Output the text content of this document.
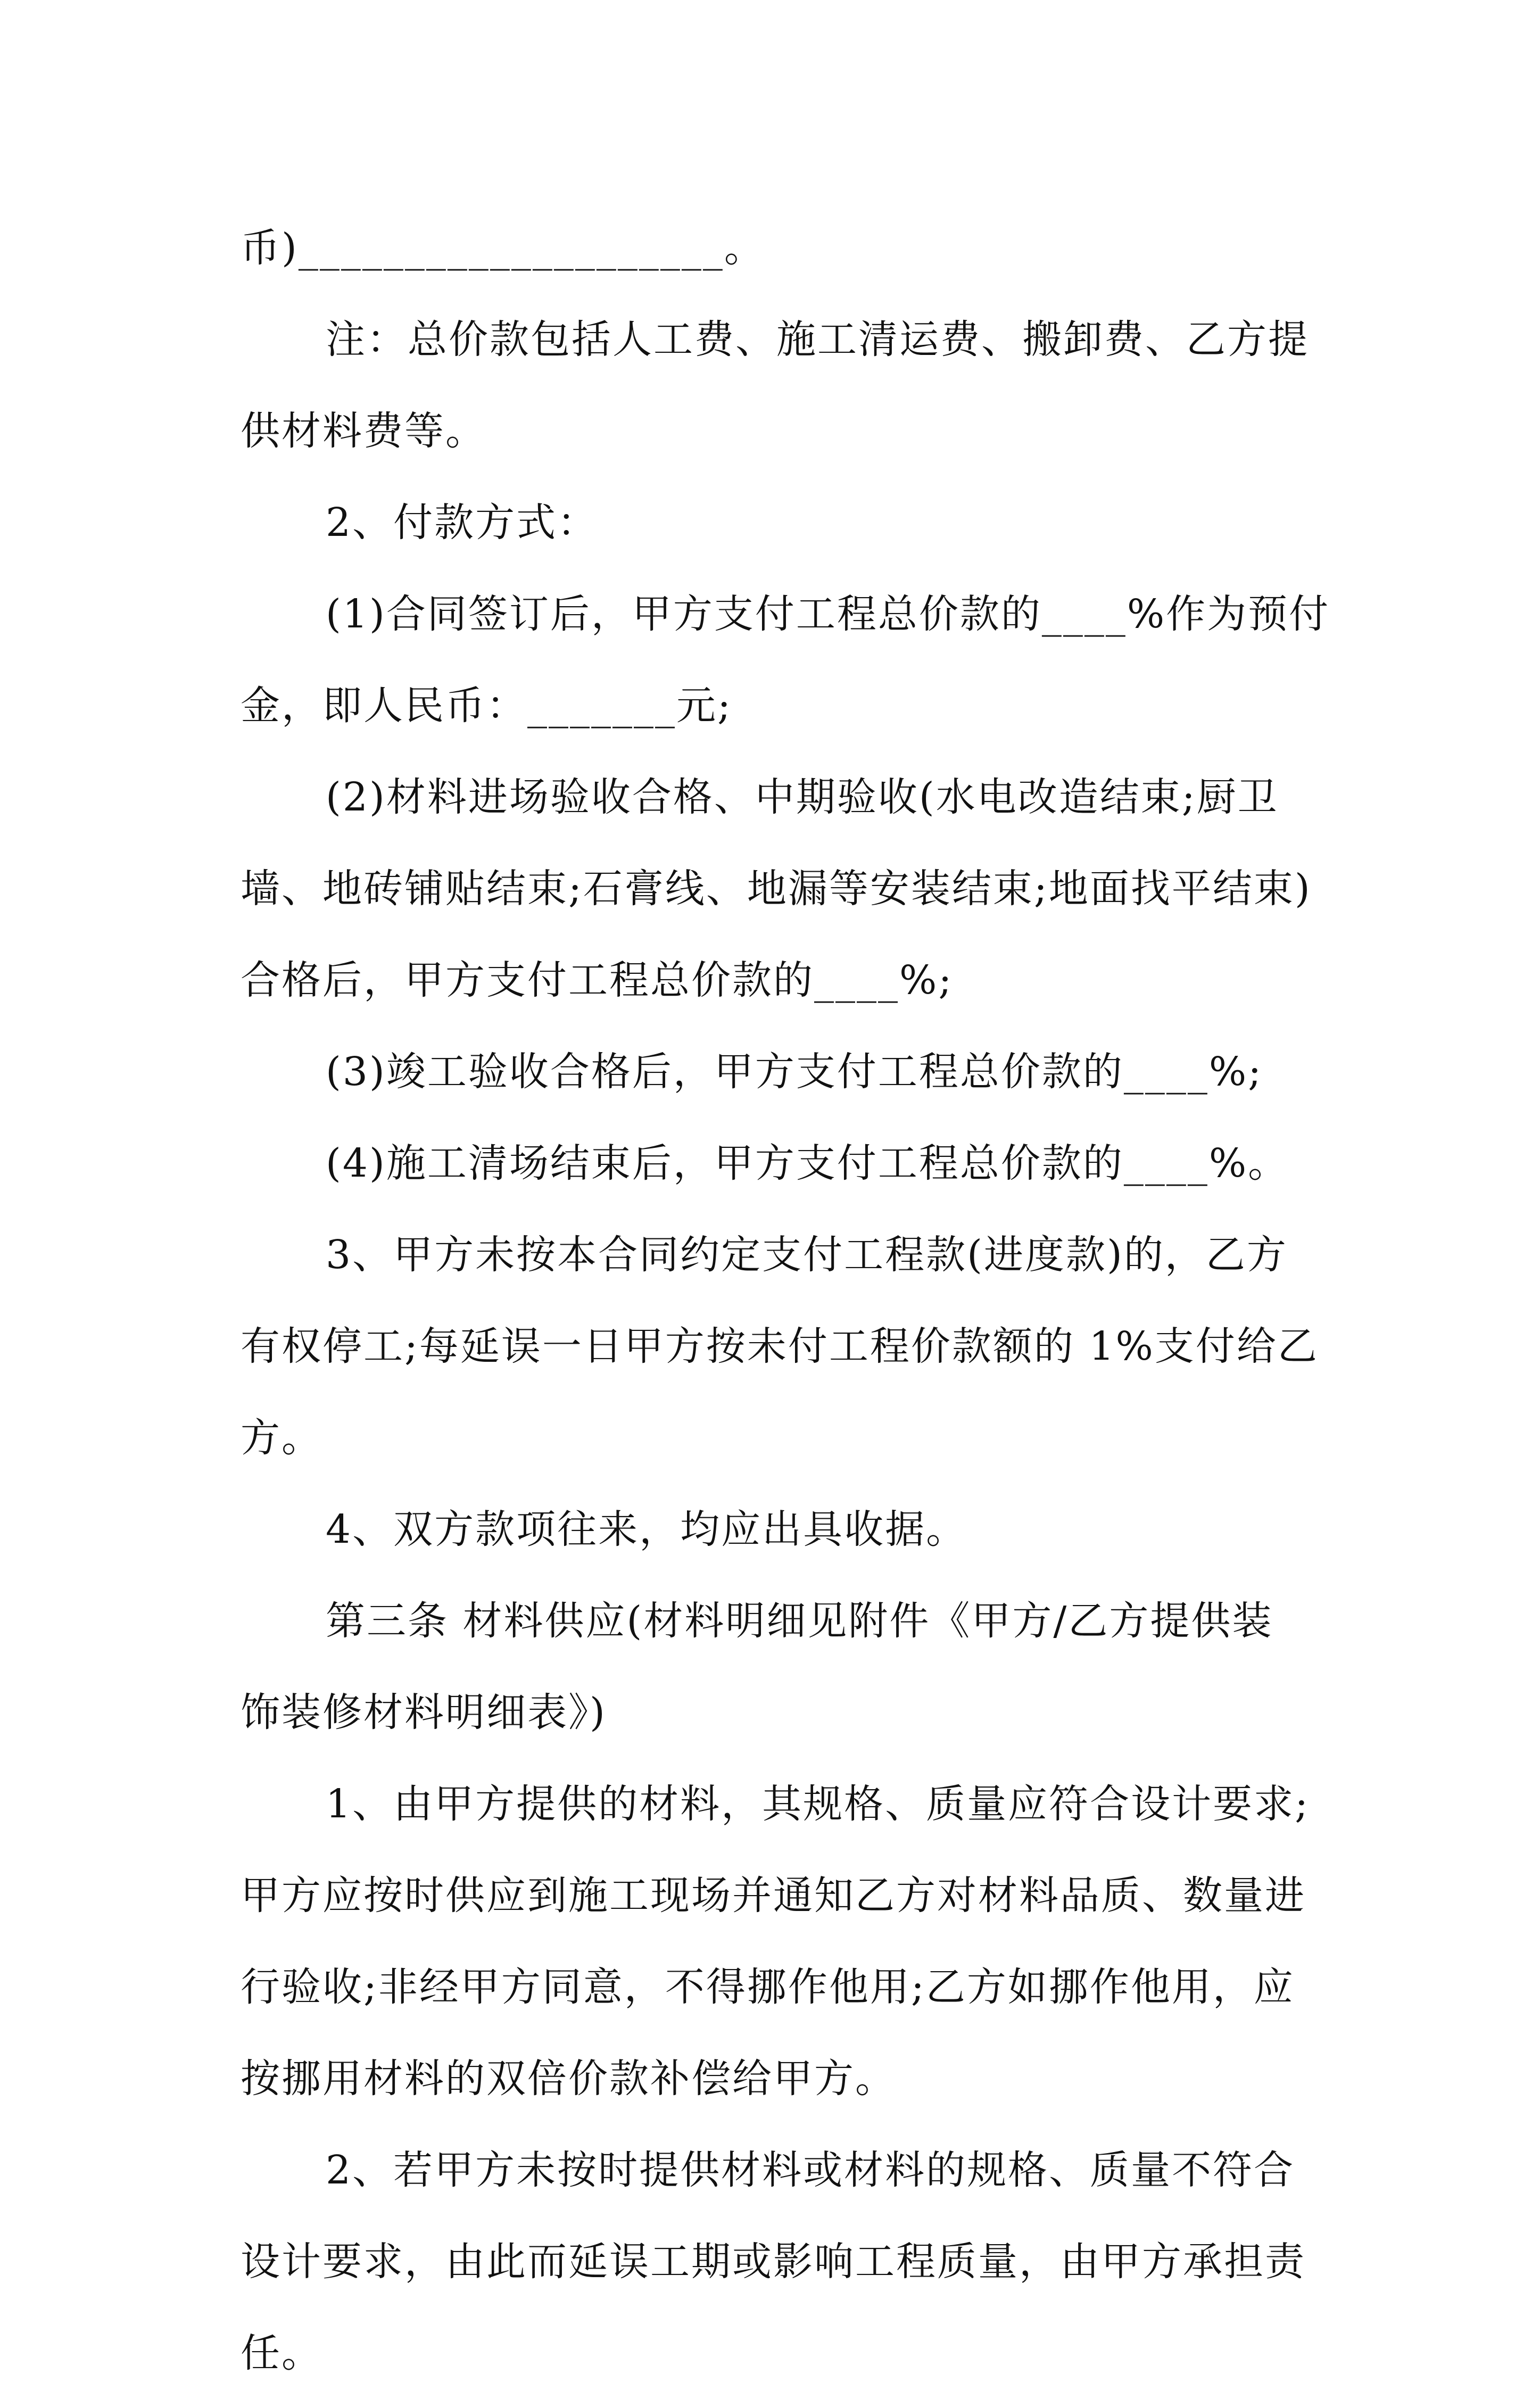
币)____________________。
注：总价款包括人工费、施工清运费、搬卸费、乙方提
供材料费等。
2、付款方式：
(1)合同签订后，甲方支付工程总价款的____%作为预付
金，即人民币：_______元;
(2)材料进场验收合格、中期验收(水电改造结束;厨卫
墙、地砖铺贴结束;石膏线、地漏等安装结束;地面找平结束)
合格后，甲方支付工程总价款的____%;
(3)竣工验收合格后，甲方支付工程总价款的____%;
(4)施工清场结束后，甲方支付工程总价款的____%。
3、甲方未按本合同约定支付工程款(进度款)的，乙方
有权停工;每延误一日甲方按未付工程价款额的 1%支付给乙
方。
4、双方款项往来，均应出具收据。
第三条 材料供应(材料明细见附件《甲方/乙方提供装
饰装修材料明细表》)
1、由甲方提供的材料，其规格、质量应符合设计要求;
甲方应按时供应到施工现场并通知乙方对材料品质、数量进
行验收;非经甲方同意，不得挪作他用;乙方如挪作他用，应
按挪用材料的双倍价款补偿给甲方。
2、若甲方未按时提供材料或材料的规格、质量不符合
设计要求，由此而延误工期或影响工程质量，由甲方承担责
任。
